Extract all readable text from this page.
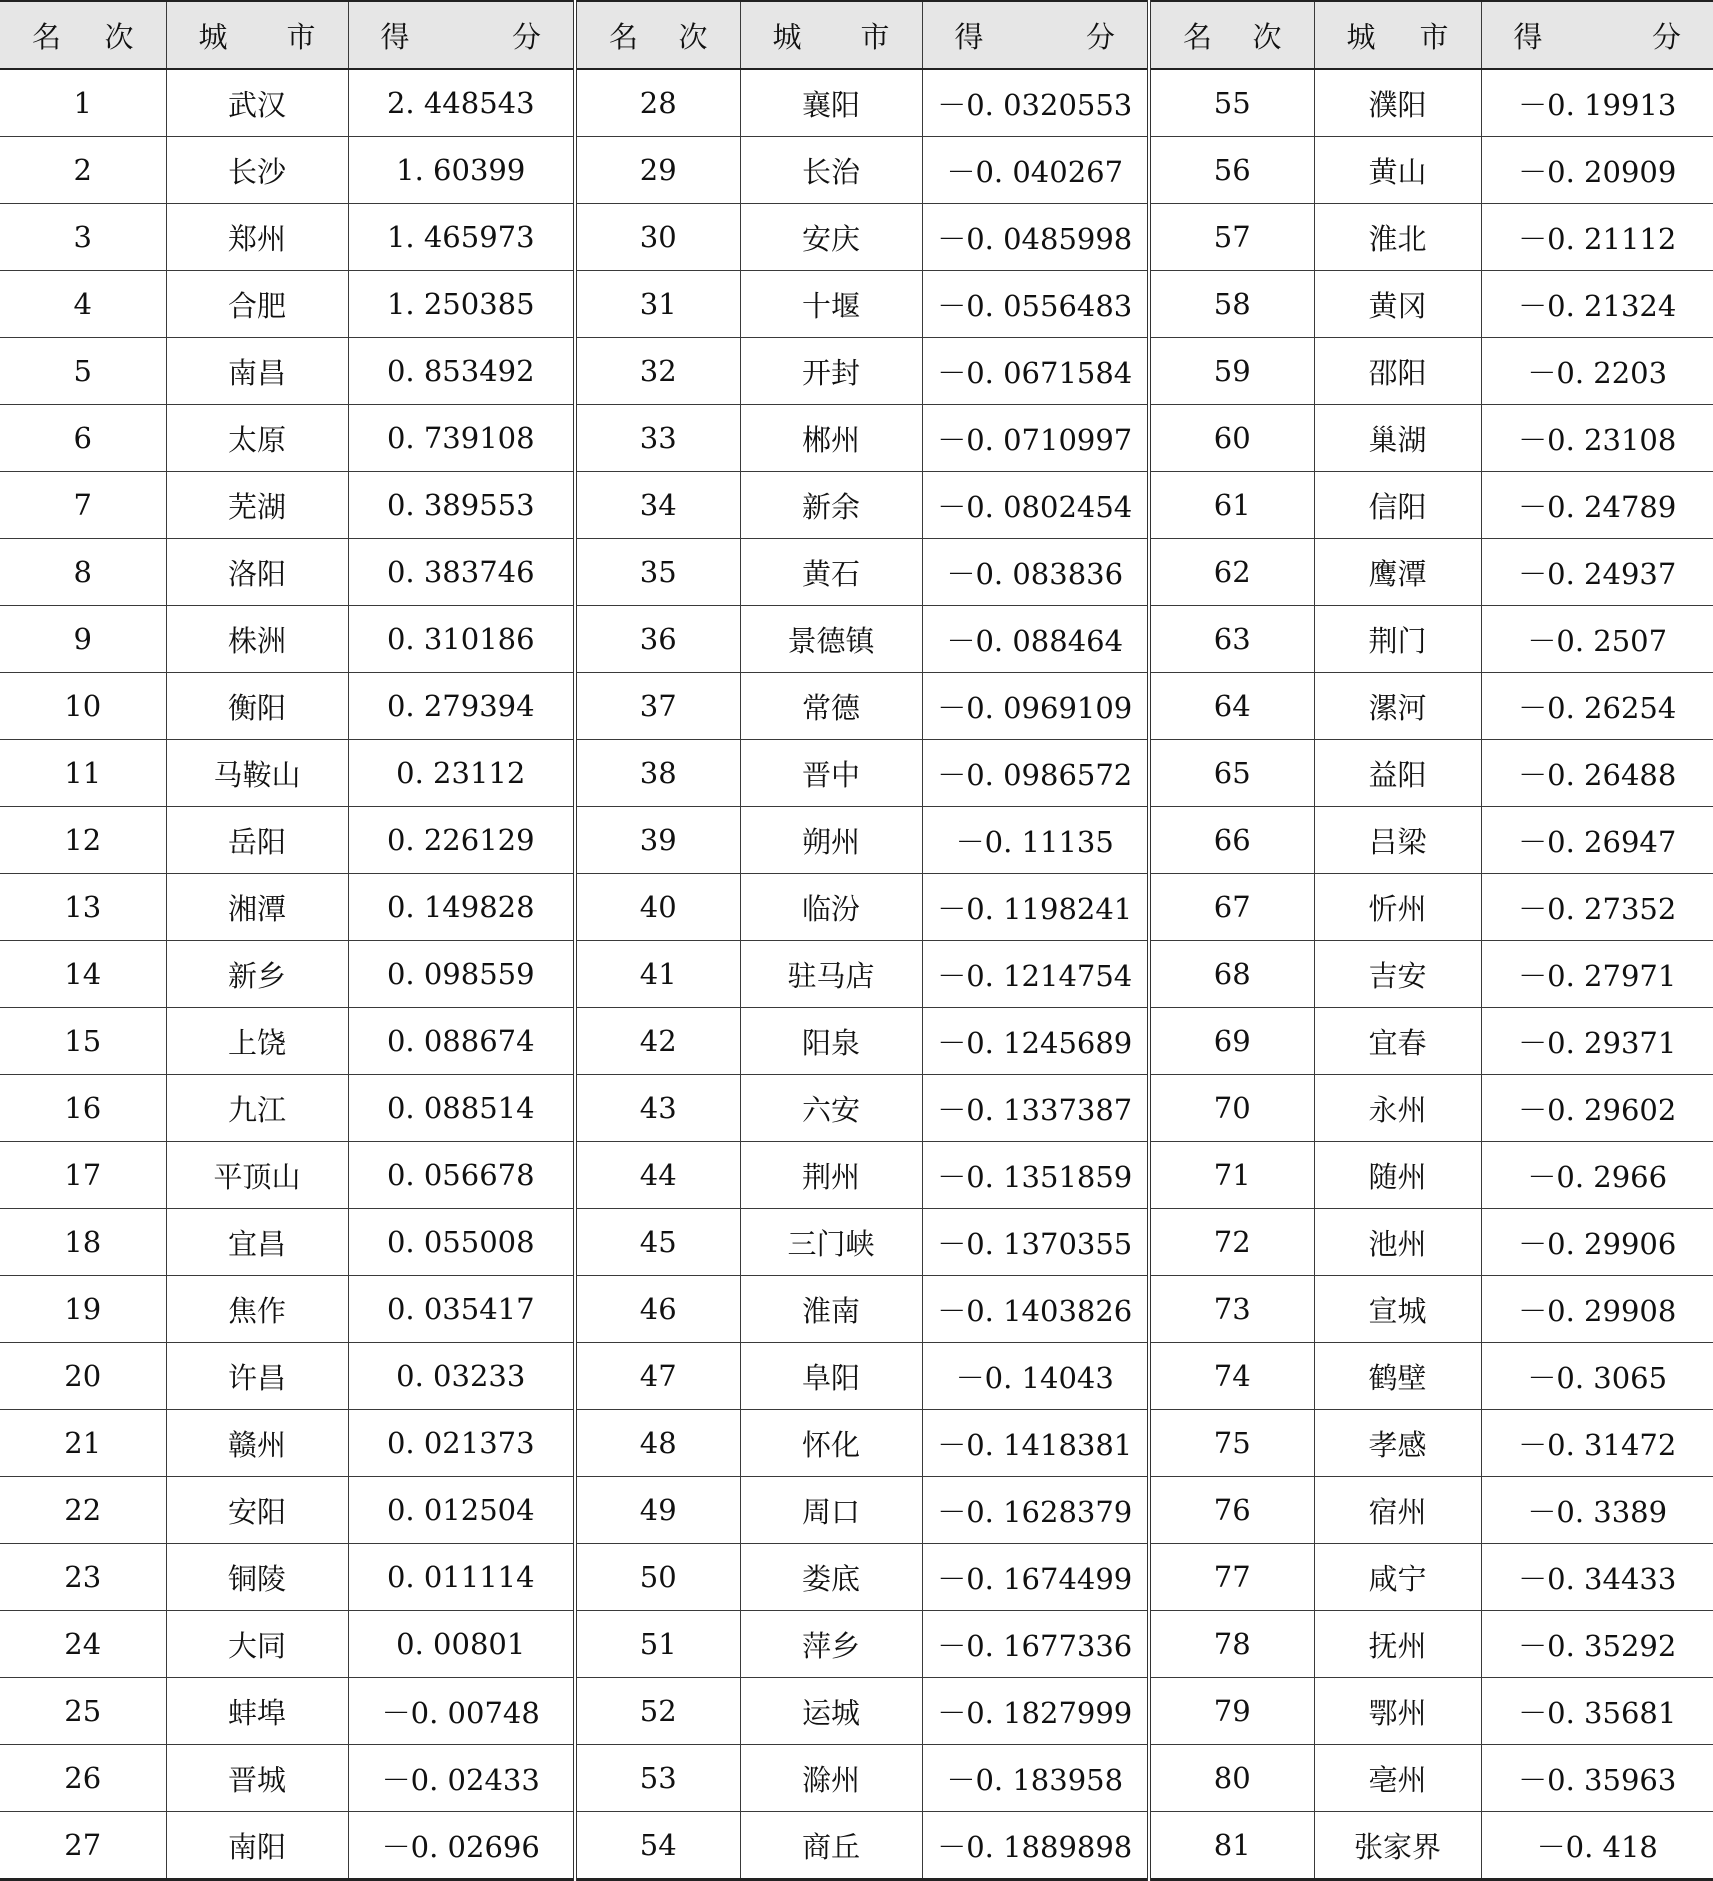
名 次	城 市	得 分	名 次	城 市	得 分	名 次	城 市	得 分

1	武汉	2. 448543	28	襄阳	－0. 0320553	55	濮阳	－0. 19913
2	长沙	1. 60399	29	长治	－0. 040267	56	黄山	－0. 20909
3	郑州	1. 465973	30	安庆	－0. 0485998	57	淮北	－0. 21112
4	合肥	1. 250385	31	十堰	－0. 0556483	58	黄冈	－0. 21324
5	南昌	0. 853492	32	开封	－0. 0671584	59	邵阳	－0. 2203
6	太原	0. 739108	33	郴州	－0. 0710997	60	巢湖	－0. 23108
7	芜湖	0. 389553	34	新余	－0. 0802454	61	信阳	－0. 24789
8	洛阳	0. 383746	35	黄石	－0. 083836	62	鹰潭	－0. 24937
9	株洲	0. 310186	36	景德镇	－0. 088464	63	荆门	－0. 2507
10	衡阳	0. 279394	37	常德	－0. 0969109	64	漯河	－0. 26254
11	马鞍山	0. 23112	38	晋中	－0. 0986572	65	益阳	－0. 26488
12	岳阳	0. 226129	39	朔州	－0. 11135	66	吕梁	－0. 26947
13	湘潭	0. 149828	40	临汾	－0. 1198241	67	忻州	－0. 27352
14	新乡	0. 098559	41	驻马店	－0. 1214754	68	吉安	－0. 27971
15	上饶	0. 088674	42	阳泉	－0. 1245689	69	宜春	－0. 29371
16	九江	0. 088514	43	六安	－0. 1337387	70	永州	－0. 29602
17	平顶山	0. 056678	44	荆州	－0. 1351859	71	随州	－0. 2966
18	宜昌	0. 055008	45	三门峡	－0. 1370355	72	池州	－0. 29906
19	焦作	0. 035417	46	淮南	－0. 1403826	73	宣城	－0. 29908
20	许昌	0. 03233	47	阜阳	－0. 14043	74	鹤壁	－0. 3065
21	赣州	0. 021373	48	怀化	－0. 1418381	75	孝感	－0. 31472
22	安阳	0. 012504	49	周口	－0. 1628379	76	宿州	－0. 3389
23	铜陵	0. 011114	50	娄底	－0. 1674499	77	咸宁	－0. 34433
24	大同	0. 00801	51	萍乡	－0. 1677336	78	抚州	－0. 35292
25	蚌埠	－0. 00748	52	运城	－0. 1827999	79	鄂州	－0. 35681
26	晋城	－0. 02433	53	滁州	－0. 183958	80	亳州	－0. 35963
27	南阳	－0. 02696	54	商丘	－0. 1889898	81	张家界	－0. 418
